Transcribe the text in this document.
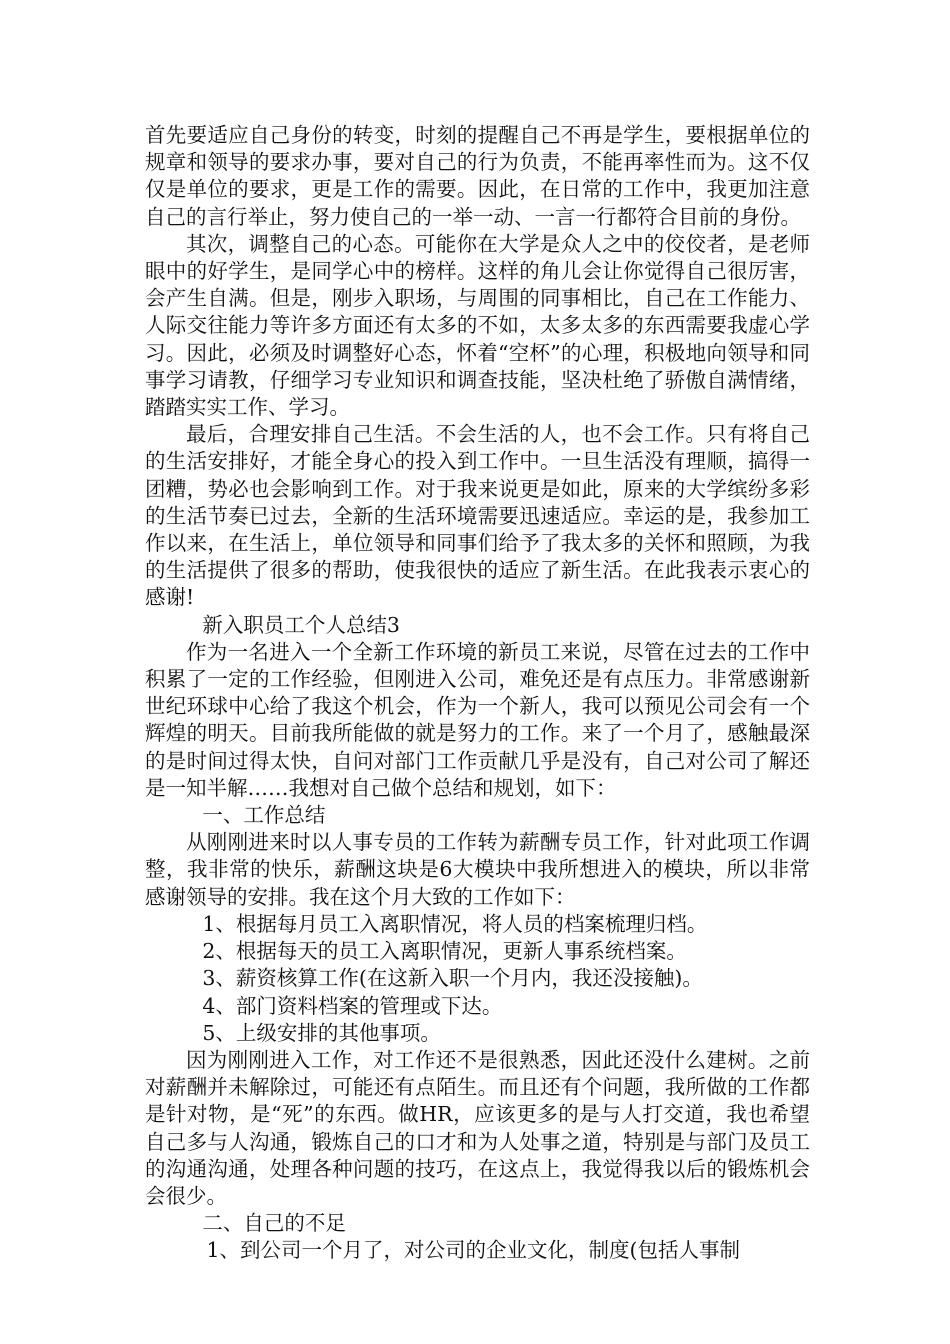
首先要适应自己身份的转变，时刻的提醒自己不再是学生，要根据单位的规章和领导的要求办事，要对自己的行为负责，不能再率性而为。这不仅仅是单位的要求，更是工作的需要。因此，在日常的工作中，我更加注意自己的言行举止，努力使自己的一举一动、一言一行都符合目前的身份。

其次，调整自己的心态。可能你在大学是众人之中的佼佼者，是老师眼中的好学生，是同学心中的榜样。这样的角儿会让你觉得自己很厉害，会产生自满。但是，刚步入职场，与周围的同事相比，自己在工作能力、人际交往能力等许多方面还有太多的不如，太多太多的东西需要我虚心学习。因此，必须及时调整好心态，怀着“空杯”的心理，积极地向领导和同事学习请教，仔细学习专业知识和调查技能，坚决杜绝了骄傲自满情绪，踏踏实实工作、学习。

最后，合理安排自己生活。不会生活的人，也不会工作。只有将自己的生活安排好，才能全身心的投入到工作中。一旦生活没有理顺，搞得一团糟，势必也会影响到工作。对于我来说更是如此，原来的大学缤纷多彩的生活节奏已过去，全新的生活环境需要迅速适应。幸运的是，我参加工作以来，在生活上，单位领导和同事们给予了我太多的关怀和照顾，为我的生活提供了很多的帮助，使我很快的适应了新生活。在此我表示衷心的感谢!

新入职员工个人总结3

作为一名进入一个全新工作环境的新员工来说，尽管在过去的工作中积累了一定的工作经验，但刚进入公司，难免还是有点压力。非常感谢新世纪环球中心给了我这个机会，作为一个新人，我可以预见公司会有一个辉煌的明天。目前我所能做的就是努力的工作。来了一个月了，感触最深的是时间过得太快，自问对部门工作贡献几乎是没有，自己对公司了解还是一知半解……我想对自己做个总结和规划，如下：

一、工作总结

从刚刚进来时以人事专员的工作转为薪酬专员工作，针对此项工作调整，我非常的快乐，薪酬这块是6大模块中我所想进入的模块，所以非常感谢领导的安排。我在这个月大致的工作如下：

1、根据每月员工入离职情况，将人员的档案梳理归档。

2、根据每天的员工入离职情况，更新人事系统档案。

3、薪资核算工作(在这新入职一个月内，我还没接触)。

4、部门资料档案的管理或下达。

5、上级安排的其他事项。

因为刚刚进入工作，对工作还不是很熟悉，因此还没什么建树。之前对薪酬并未解除过，可能还有点陌生。而且还有个问题，我所做的工作都是针对物，是“死”的东西。做HR，应该更多的是与人打交道，我也希望自己多与人沟通，锻炼自己的口才和为人处事之道，特别是与部门及员工的沟通沟通，处理各种问题的技巧，在这点上，我觉得我以后的锻炼机会会很少。

二、自己的不足

1、到公司一个月了，对公司的企业文化，制度(包括人事制
